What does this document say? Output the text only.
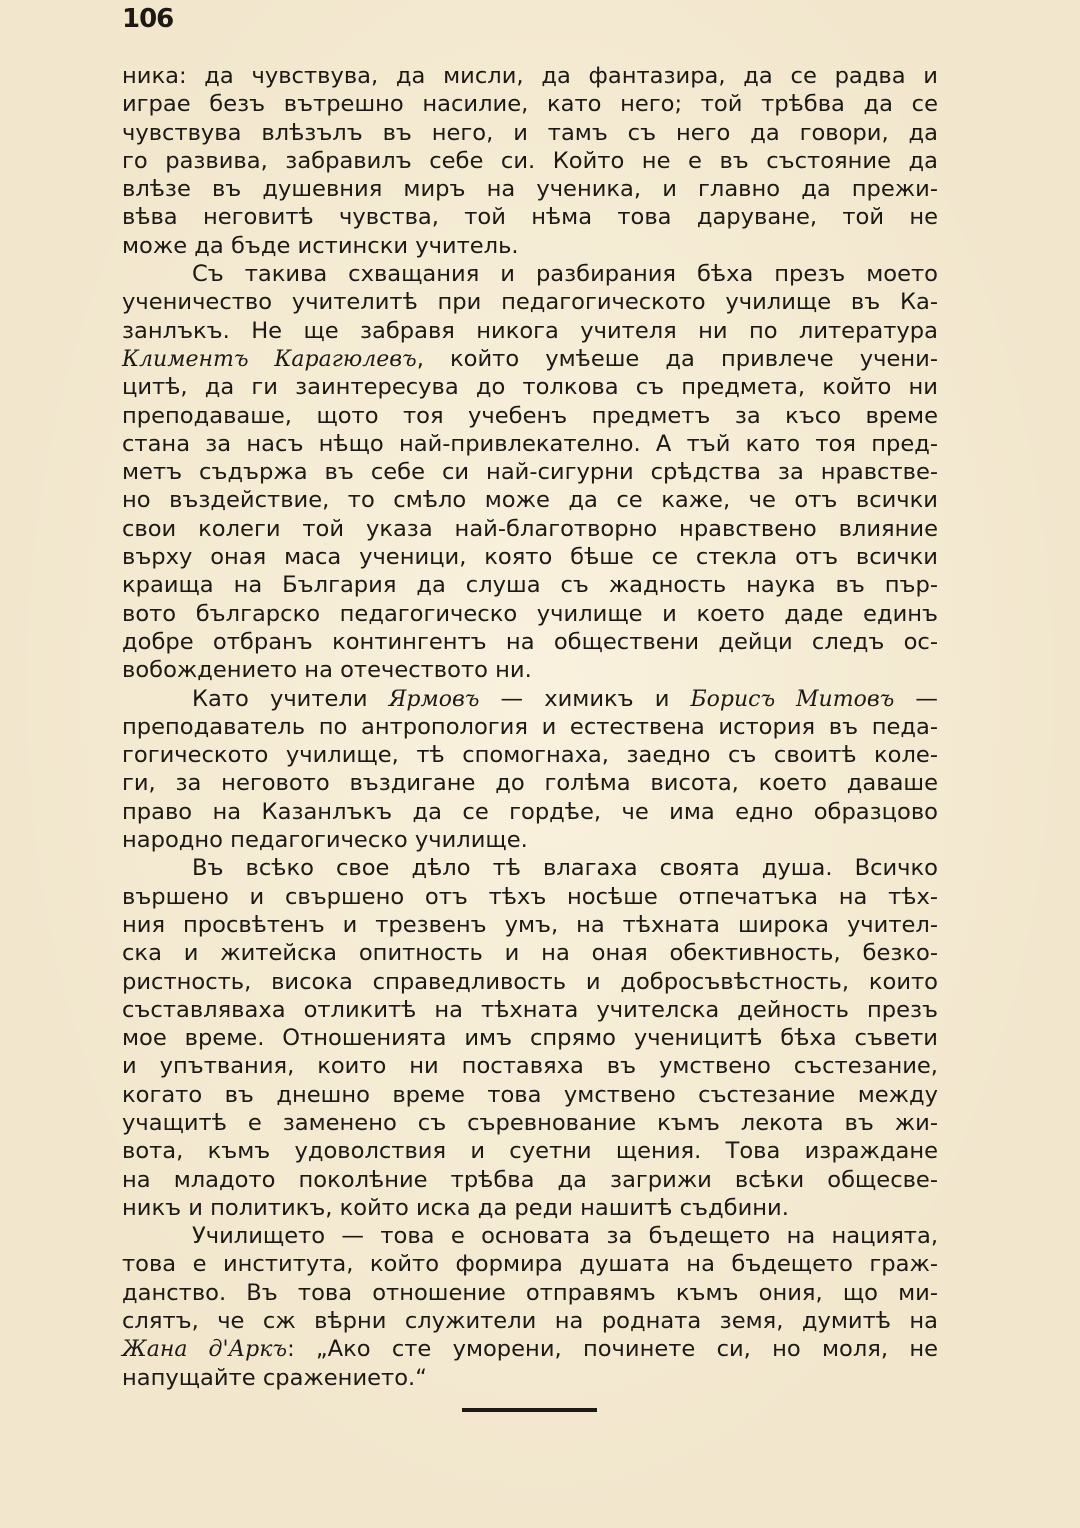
106
ника: да чувствува, да мисли, да фантазира, да се радва и
играе безъ вътрешно насилие, като него; той трѣбва да се
чувствува влѣзълъ въ него, и тамъ съ него да говори, да
го развива, забравилъ себе си. Който не е въ състояние да
влѣзе въ душевния миръ на ученика, и главно да прежи-
вѣва неговитѣ чувства, той нѣма това даруване, той не
може да бъде истински учитель.
Съ такива схващания и разбирания бѣха презъ моето
ученичество учителитѣ при педагогическото училище въ Ка-
занлъкъ. Не ще забравя никога учителя ни по литература
Климентъ Карагюлевъ, който умѣеше да привлече учени-
цитѣ, да ги заинтересува до толкова съ предмета, който ни
преподаваше, щото тоя учебенъ предметъ за късо време
стана за насъ нѣщо най-привлекателно. А тъй като тоя пред-
метъ съдържа въ себе си най-сигурни срѣдства за нравстве-
но въздействие, то смѣло може да се каже, че отъ всички
свои колеги той указа най-благотворно нравствено влияние
върху оная маса ученици, която бѣше се стекла отъ всички
краища на България да слуша съ жадность наука въ пър-
вото българско педагогическо училище и което даде единъ
добре отбранъ контингентъ на обществени дейци следъ ос-
вобождението на отечеството ни.
Като учители Ярмовъ — химикъ и Борисъ Митовъ —
преподаватель по антропология и естествена история въ педа-
гогическото училище, тѣ спомогнаха, заедно съ своитѣ коле-
ги, за неговото въздигане до голѣма висота, което даваше
право на Казанлъкъ да се гордѣе, че има едно образцово
народно педагогическо училище.
Въ всѣко свое дѣло тѣ влагаха своята душа. Всичко
вършено и свършено отъ тѣхъ носѣше отпечатъка на тѣх-
ния просвѣтенъ и трезвенъ умъ, на тѣхната широка учител-
ска и житейска опитность и на оная обективность, безко-
ристность, висока справедливость и добросъвѣстность, които
съставляваха отликитѣ на тѣхната учителска дейность презъ
мое време. Отношенията имъ спрямо ученицитѣ бѣха съвети
и упътвания, които ни поставяха въ умствено състезание,
когато въ днешно време това умствено състезание между
учащитѣ е заменено съ съревнование къмъ лекота въ жи-
вота, къмъ удоволствия и суетни щения. Това израждане
на младото поколѣние трѣбва да загрижи всѣки общесве-
никъ и политикъ, който иска да реди нашитѣ съдбини.
Училището — това е основата за бъдещето на нацията,
това е института, който формира душата на бъдещето граж-
данство. Въ това отношение отправямъ къмъ ония, що ми-
слятъ, че сж вѣрни служители на родната земя, думитѣ на
Жана д'Аркъ: „Ако сте уморени, починете си, но моля, не
напущайте сражението.“
